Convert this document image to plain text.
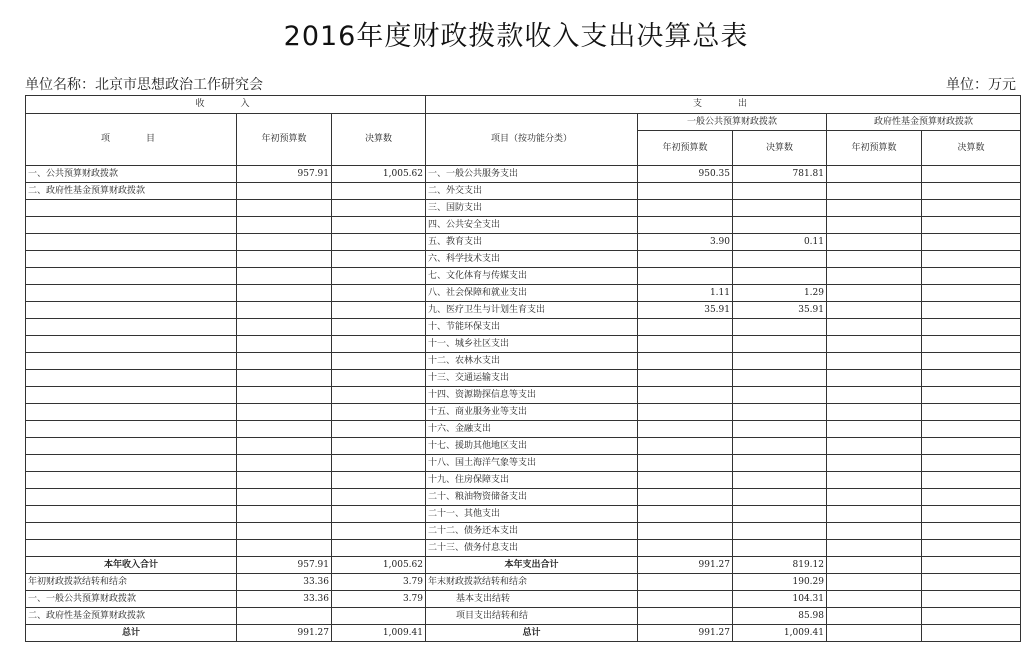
2016年度财政拨款收入支出决算总表
单位名称：北京市思想政治工作研究会	单位：万元
收　　入			支　　出				
项　　目	年初预算数	决算数	项目（按功能分类）	一般公共预算财政拨款		政府性基金预算财政拨款	
				年初预算数	决算数	年初预算数	决算数
一、公共预算财政拨款	957.91	1,005.62	一、一般公共服务支出	950.35	781.81		
二、政府性基金预算财政拨款			二、外交支出				
			三、国防支出				
			四、公共安全支出				
			五、教育支出	3.90	0.11		
			六、科学技术支出				
			七、文化体育与传媒支出				
			八、社会保障和就业支出	1.11	1.29		
			九、医疗卫生与计划生育支出	35.91	35.91		
			十、节能环保支出				
			十一、城乡社区支出				
			十二、农林水支出				
			十三、交通运输支出				
			十四、资源勘探信息等支出				
			十五、商业服务业等支出				
			十六、金融支出				
			十七、援助其他地区支出				
			十八、国土海洋气象等支出				
			十九、住房保障支出				
			二十、粮油物资储备支出				
			二十一、其他支出				
			二十二、债务还本支出				
			二十三、债务付息支出				
本年收入合计	957.91	1,005.62	本年支出合计	991.27	819.12		
年初财政拨款结转和结余	33.36	3.79	年末财政拨款结转和结余		190.29		
一、一般公共预算财政拨款	33.36	3.79	基本支出结转		104.31		
二、政府性基金预算财政拨款			项目支出结转和结		85.98		
总计	991.27	1,009.41	总计	991.27	1,009.41		
